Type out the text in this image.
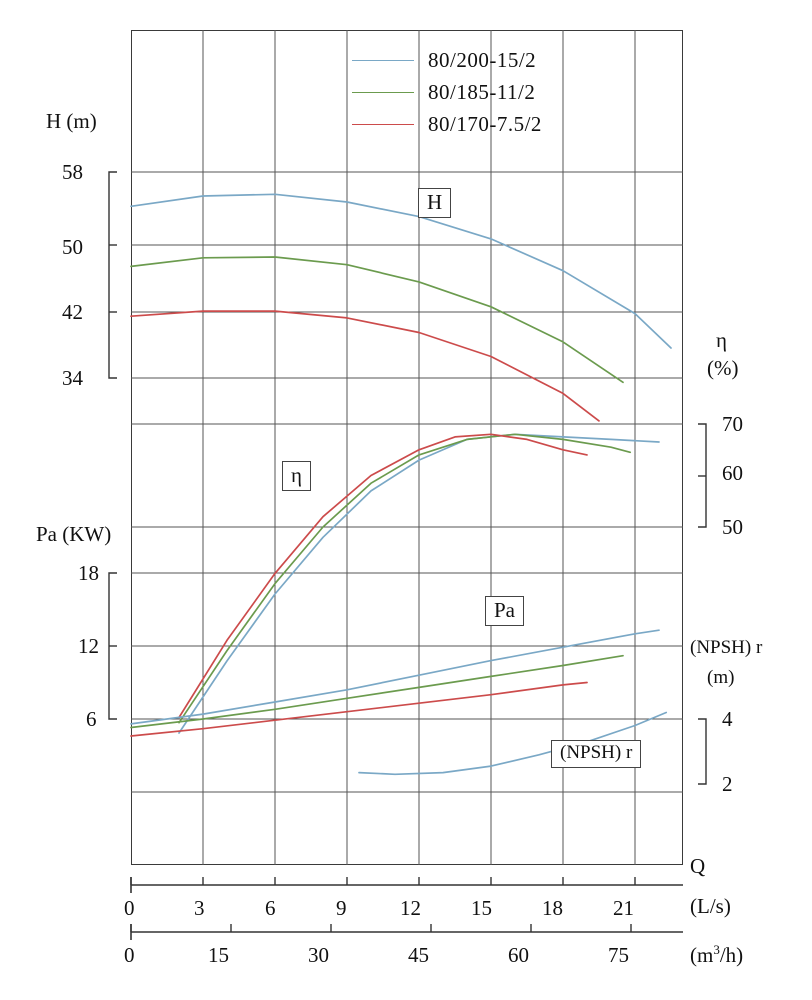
80/200-15/2
80/185-11/2
80/170-7.5/2
H (m)
Pa (KW)
η
(%)
(NPSH) r
(m)
58
50
42
34
18
12
6
70
60
50
4
2
H
η
Pa
(NPSH) r
Q
(L/s)
$(m^3/h)$
0	3	6	9	12 15 18 21
0	15	30	45	60	75
